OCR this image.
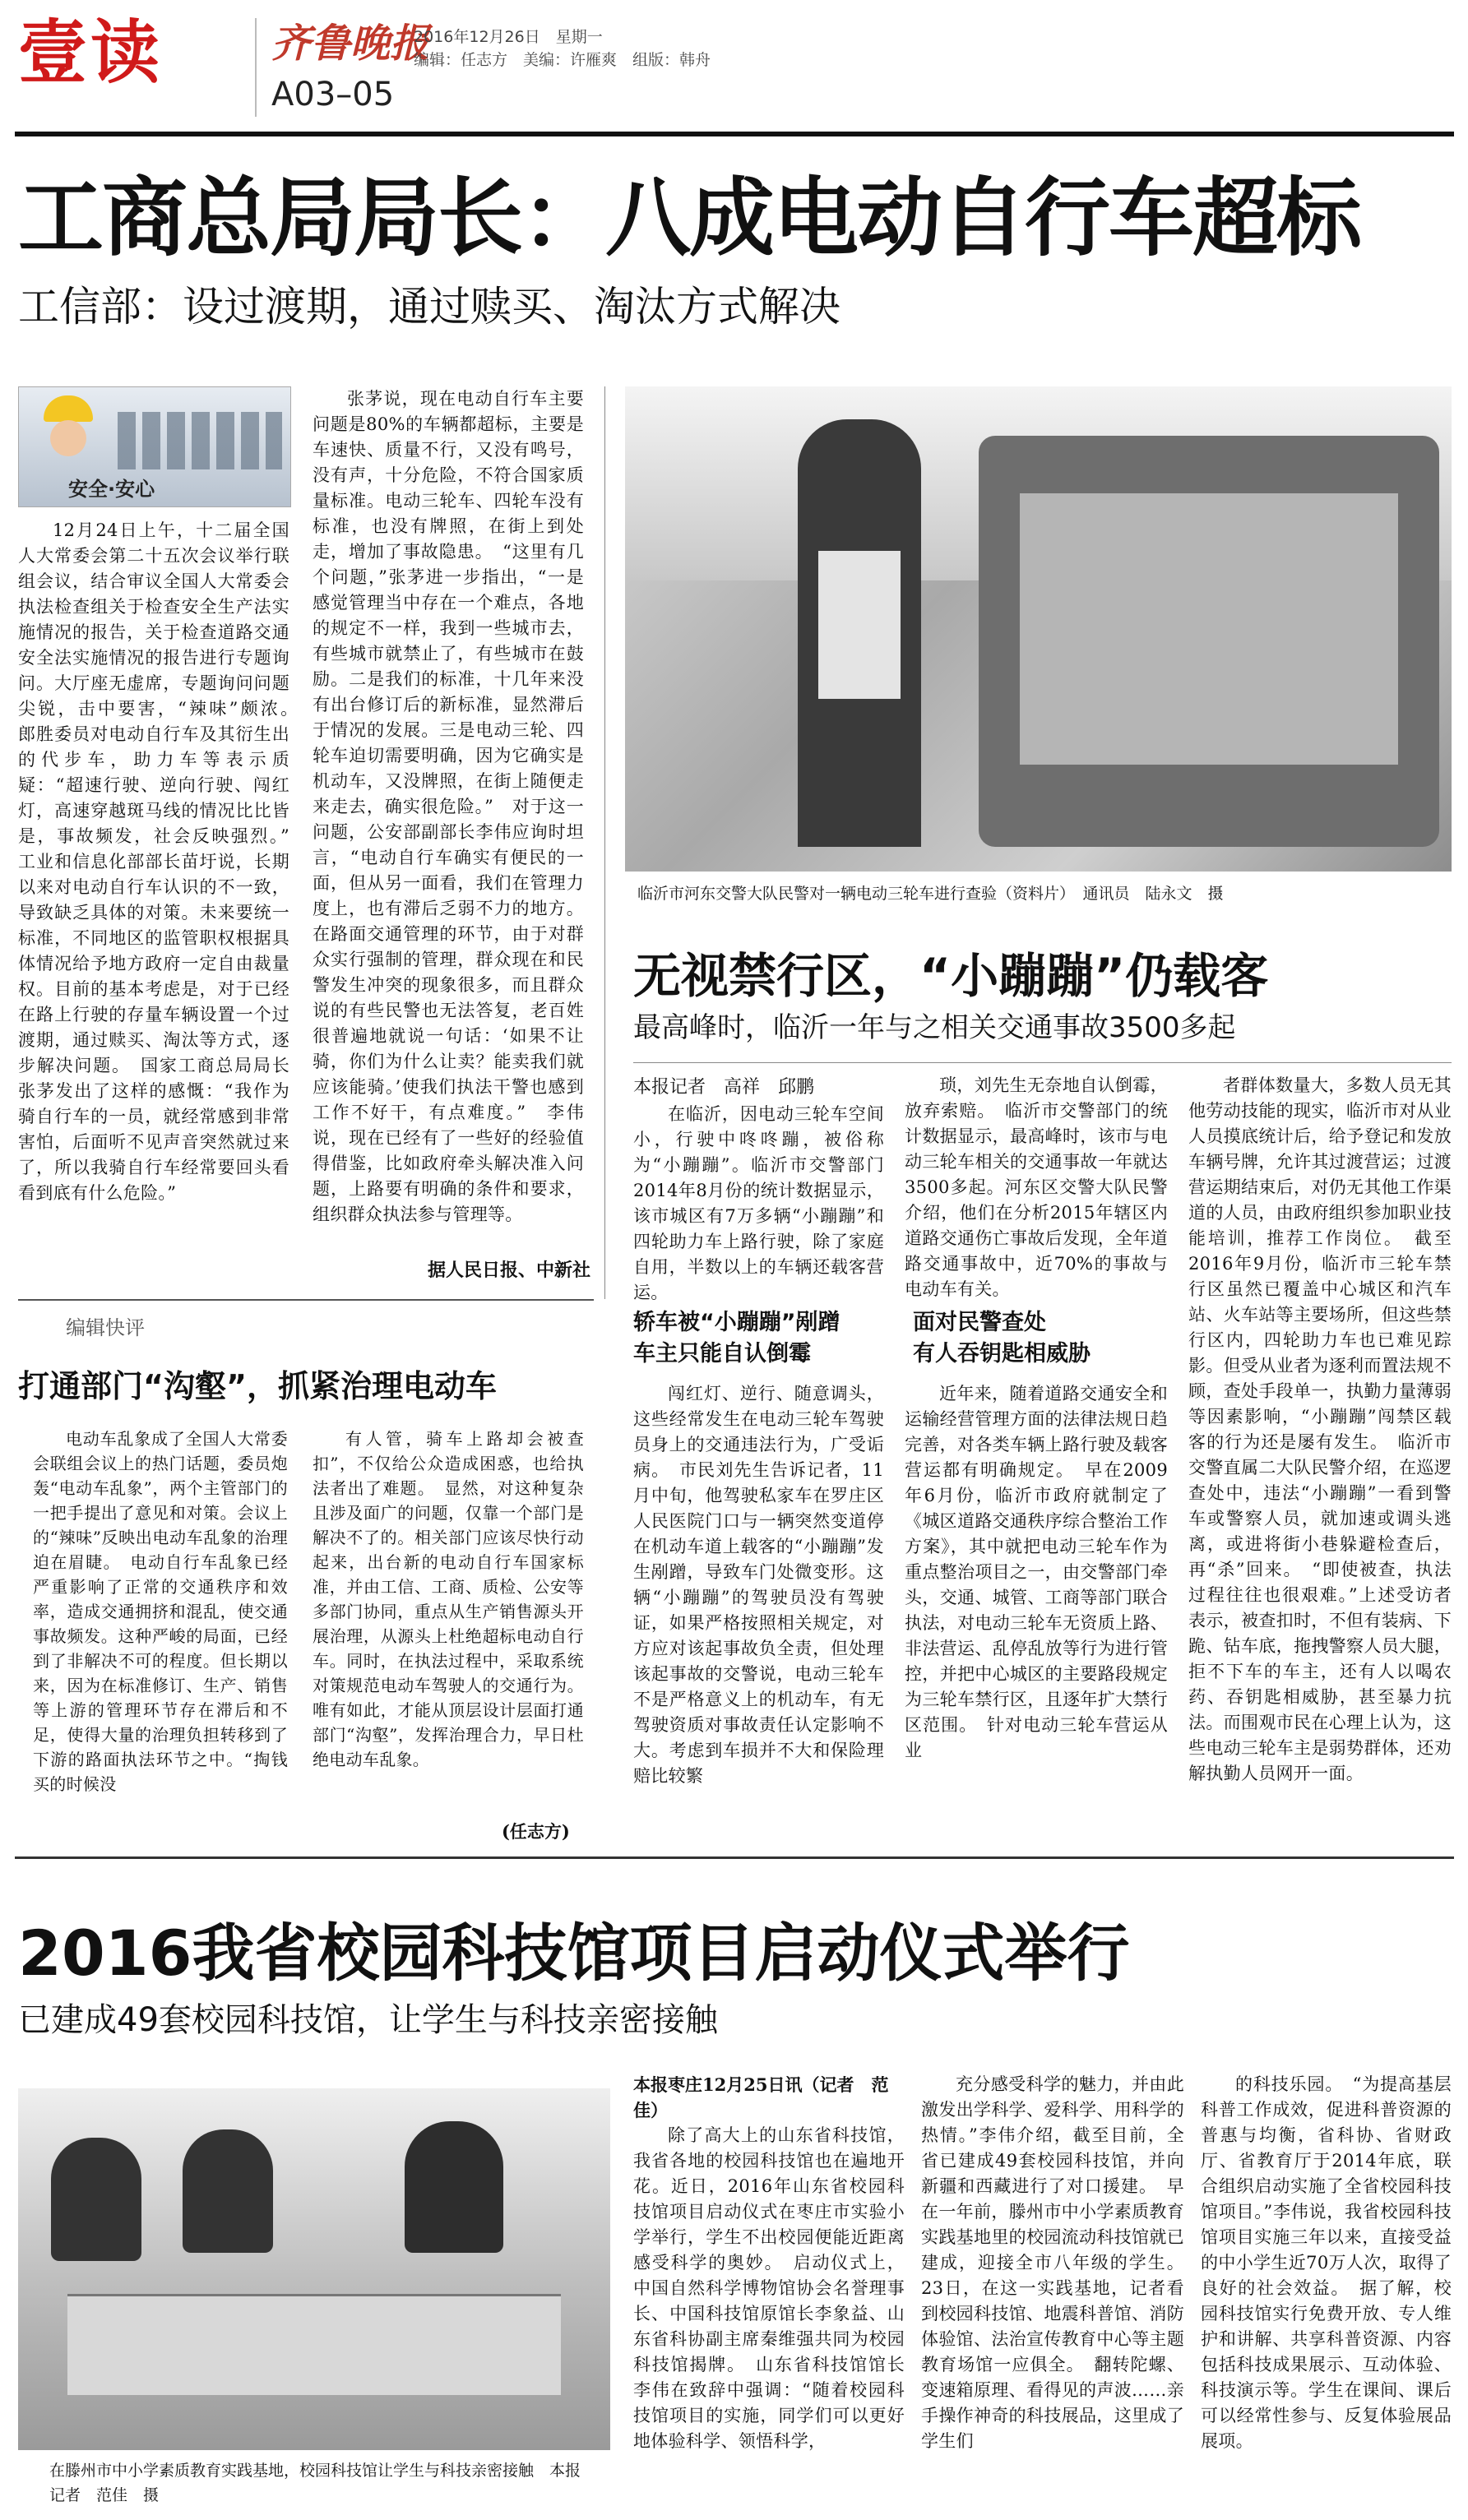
壹读	齐鲁晚报
2016年12月26日　星期一
编辑：任志方　美编：许雁爽　组版：韩舟
A03–05
工商总局局长：八成电动自行车超标
工信部：设过渡期，通过赎买、淘汰方式解决
安全·安心

12月24日上午，十二届全国人大常委会第二十五次会议举行联组会议，结合审议全国人大常委会执法检查组关于检查安全生产法实施情况的报告，关于检查道路交通安全法实施情况的报告进行专题询问。大厅座无虚席，专题询问问题尖锐，击中要害，“辣味”颇浓。　郎胜委员对电动自行车及其衍生出的代步车，助力车等表示质疑：“超速行驶、逆向行驶、闯红灯，高速穿越斑马线的情况比比皆是，事故频发，社会反映强烈。”　工业和信息化部部长苗圩说，长期以来对电动自行车认识的不一致，导致缺乏具体的对策。未来要统一标准，不同地区的监管职权根据具体情况给予地方政府一定自由裁量权。目前的基本考虑是，对于已经在路上行驶的存量车辆设置一个过渡期，通过赎买、淘汰等方式，逐步解决问题。　国家工商总局局长张茅发出了这样的感慨：“我作为骑自行车的一员，就经常感到非常害怕，后面听不见声音突然就过来了，所以我骑自行车经常要回头看看到底有什么危险。”

张茅说，现在电动自行车主要问题是80%的车辆都超标，主要是车速快、质量不行，又没有鸣号，没有声，十分危险，不符合国家质量标准。电动三轮车、四轮车没有标准，也没有牌照，在街上到处走，增加了事故隐患。　“这里有几个问题，”张茅进一步指出，“一是感觉管理当中存在一个难点，各地的规定不一样，我到一些城市去，有些城市就禁止了，有些城市在鼓励。二是我们的标准，十几年来没有出台修订后的新标准，显然滞后于情况的发展。三是电动三轮、四轮车迫切需要明确，因为它确实是机动车，又没牌照，在街上随便走来走去，确实很危险。”　对于这一问题，公安部副部长李伟应询时坦言，“电动自行车确实有便民的一面，但从另一面看，我们在管理力度上，也有滞后乏弱不力的地方。在路面交通管理的环节，由于对群众实行强制的管理，群众现在和民警发生冲突的现象很多，而且群众说的有些民警也无法答复，老百姓很普遍地就说一句话：‘如果不让骑，你们为什么让卖？能卖我们就应该能骑。’使我们执法干警也感到工作不好干，有点难度。”　李伟说，现在已经有了一些好的经验值得借鉴，比如政府牵头解决准入问题，上路要有明确的条件和要求，组织群众执法参与管理等。

据人民日报、中新社
编辑快评
打通部门“沟壑”，抓紧治理电动车

电动车乱象成了全国人大常委会联组会议上的热门话题，委员炮轰“电动车乱象”，两个主管部门的一把手提出了意见和对策。会议上的“辣味”反映出电动车乱象的治理迫在眉睫。　电动自行车乱象已经严重影响了正常的交通秩序和效率，造成交通拥挤和混乱，使交通事故频发。这种严峻的局面，已经到了非解决不可的程度。但长期以来，因为在标准修订、生产、销售等上游的管理环节存在滞后和不足，使得大量的治理负担转移到了下游的路面执法环节之中。“掏钱买的时候没

有人管，骑车上路却会被查扣”，不仅给公众造成困惑，也给执法者出了难题。　显然，对这种复杂且涉及面广的问题，仅靠一个部门是解决不了的。相关部门应该尽快行动起来，出台新的电动自行车国家标准，并由工信、工商、质检、公安等多部门协同，重点从生产销售源头开展治理，从源头上杜绝超标电动自行车。同时，在执法过程中，采取系统对策规范电动车驾驶人的交通行为。唯有如此，才能从顶层设计层面打通部门“沟壑”，发挥治理合力，早日杜绝电动车乱象。

(任志方)
临沂市河东交警大队民警对一辆电动三轮车进行查验（资料片）　通讯员　陆永文　摄
无视禁行区，“小蹦蹦”仍载客
最高峰时，临沂一年与之相关交通事故3500多起
本报记者　高祥　邱鹏

在临沂，因电动三轮车空间小，行驶中咚咚蹦，被俗称为“小蹦蹦”。临沂市交警部门2014年8月份的统计数据显示，该市城区有7万多辆“小蹦蹦”和四轮助力车上路行驶，除了家庭自用，半数以上的车辆还载客营运。

轿车被“小蹦蹦”剐蹭
车主只能自认倒霉

闯红灯、逆行、随意调头，这些经常发生在电动三轮车驾驶员身上的交通违法行为，广受诟病。　市民刘先生告诉记者，11月中旬，他驾驶私家车在罗庄区人民医院门口与一辆突然变道停在机动车道上载客的“小蹦蹦”发生剐蹭，导致车门处微变形。这辆“小蹦蹦”的驾驶员没有驾驶证，如果严格按照相关规定，对方应对该起事故负全责，但处理该起事故的交警说，电动三轮车不是严格意义上的机动车，有无驾驶资质对事故责任认定影响不大。考虑到车损并不大和保险理赔比较繁

琐，刘先生无奈地自认倒霉，放弃索赔。　临沂市交警部门的统计数据显示，最高峰时，该市与电动三轮车相关的交通事故一年就达3500多起。河东区交警大队民警介绍，他们在分析2015年辖区内道路交通伤亡事故后发现，全年道路交通事故中，近70%的事故与电动车有关。

面对民警查处
有人吞钥匙相威胁

近年来，随着道路交通安全和运输经营管理方面的法律法规日趋完善，对各类车辆上路行驶及载客营运都有明确规定。　早在2009年6月份，临沂市政府就制定了《城区道路交通秩序综合整治工作方案》，其中就把电动三轮车作为重点整治项目之一，由交警部门牵头，交通、城管、工商等部门联合执法，对电动三轮车无资质上路、非法营运、乱停乱放等行为进行管控，并把中心城区的主要路段规定为三轮车禁行区，且逐年扩大禁行区范围。　针对电动三轮车营运从业

者群体数量大，多数人员无其他劳动技能的现实，临沂市对从业人员摸底统计后，给予登记和发放车辆号牌，允许其过渡营运；过渡营运期结束后，对仍无其他工作渠道的人员，由政府组织参加职业技能培训，推荐工作岗位。　截至2016年9月份，临沂市三轮车禁行区虽然已覆盖中心城区和汽车站、火车站等主要场所，但这些禁行区内，四轮助力车也已难见踪影。但受从业者为逐利而置法规不顾，查处手段单一，执勤力量薄弱等因素影响，“小蹦蹦”闯禁区载客的行为还是屡有发生。　临沂市交警直属二大队民警介绍，在巡逻查处中，违法“小蹦蹦”一看到警车或警察人员，就加速或调头逃离，或进将街小巷躲避检查后，再“杀”回来。　“即使被查，执法过程往往也很艰难。”上述受访者表示，被查扣时，不但有装病、下跪、钻车底，拖拽警察人员大腿，拒不下车的车主，还有人以喝农药、吞钥匙相威胁，甚至暴力抗法。而围观市民在心理上认为，这些电动三轮车主是弱势群体，还劝解执勤人员网开一面。

2016我省校园科技馆项目启动仪式举行
已建成49套校园科技馆，让学生与科技亲密接触
在滕州市中小学素质教育实践基地，校园科技馆让学生与科技亲密接触　本报记者　范佳　摄
本报枣庄12月25日讯（记者　范佳）

除了高大上的山东省科技馆，我省各地的校园科技馆也在遍地开花。近日，2016年山东省校园科技馆项目启动仪式在枣庄市实验小学举行，学生不出校园便能近距离感受科学的奥妙。　启动仪式上，中国自然科学博物馆协会名誉理事长、中国科技馆原馆长李象益、山东省科协副主席秦维强共同为校园科技馆揭牌。　山东省科技馆馆长李伟在致辞中强调：“随着校园科技馆项目的实施，同学们可以更好地体验科学、领悟科学，

充分感受科学的魅力，并由此激发出学科学、爱科学、用科学的热情。”李伟介绍，截至目前，全省已建成49套校园科技馆，并向新疆和西藏进行了对口援建。　早在一年前，滕州市中小学素质教育实践基地里的校园流动科技馆就已建成，迎接全市八年级的学生。23日，在这一实践基地，记者看到校园科技馆、地震科普馆、消防体验馆、法治宣传教育中心等主题教育场馆一应俱全。　翻转陀螺、变速箱原理、看得见的声波……亲手操作神奇的科技展品，这里成了学生们

的科技乐园。　“为提高基层科普工作成效，促进科普资源的普惠与均衡，省科协、省财政厅、省教育厅于2014年底，联合组织启动实施了全省校园科技馆项目。”李伟说，我省校园科技馆项目实施三年以来，直接受益的中小学生近70万人次，取得了良好的社会效益。　据了解，校园科技馆实行免费开放、专人维护和讲解、共享科普资源、内容包括科技成果展示、互动体验、科技演示等。学生在课间、课后可以经常性参与、反复体验展品展项。
